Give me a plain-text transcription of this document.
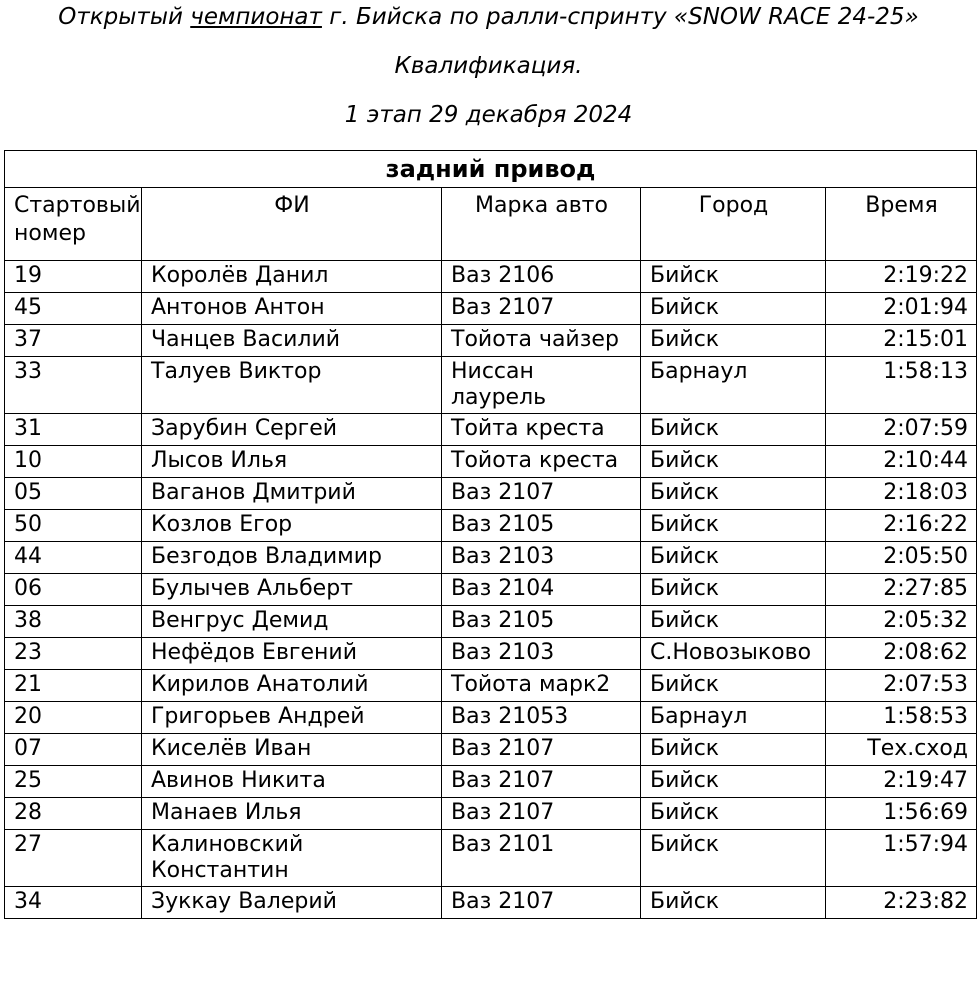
Открытый чемпионат г. Бийска по ралли-спринту «SNOW RACE 24-25»
Квалификация.
1 этап 29 декабря 2024
задний привод				
Стартовый номер	ФИ	Марка авто	Город	Время
19	Королёв Данил	Ваз 2106	Бийск	2:19:22
45	Антонов Антон	Ваз 2107	Бийск	2:01:94
37	Чанцев Василий	Тойота чайзер	Бийск	2:15:01
33	Талуев Виктор	Ниссан лаурель	Барнаул	1:58:13
31	Зарубин Сергей	Тойта креста	Бийск	2:07:59
10	Лысов Илья	Тойота креста	Бийск	2:10:44
05	Ваганов Дмитрий	Ваз 2107	Бийск	2:18:03
50	Козлов Егор	Ваз 2105	Бийск	2:16:22
44	Безгодов Владимир	Ваз 2103	Бийск	2:05:50
06	Булычев Альберт	Ваз 2104	Бийск	2:27:85
38	Венгрус Демид	Ваз 2105	Бийск	2:05:32
23	Нефёдов Евгений	Ваз 2103	С.Новозыково	2:08:62
21	Кирилов Анатолий	Тойота марк2	Бийск	2:07:53
20	Григорьев Андрей	Ваз 21053	Барнаул	1:58:53
07	Киселёв Иван	Ваз 2107	Бийск	Тех.сход
25	Авинов Никита	Ваз 2107	Бийск	2:19:47
28	Манаев Илья	Ваз 2107	Бийск	1:56:69
27	Калиновский Константин	Ваз 2101	Бийск	1:57:94
34	Зуккау Валерий	Ваз 2107	Бийск	2:23:82
